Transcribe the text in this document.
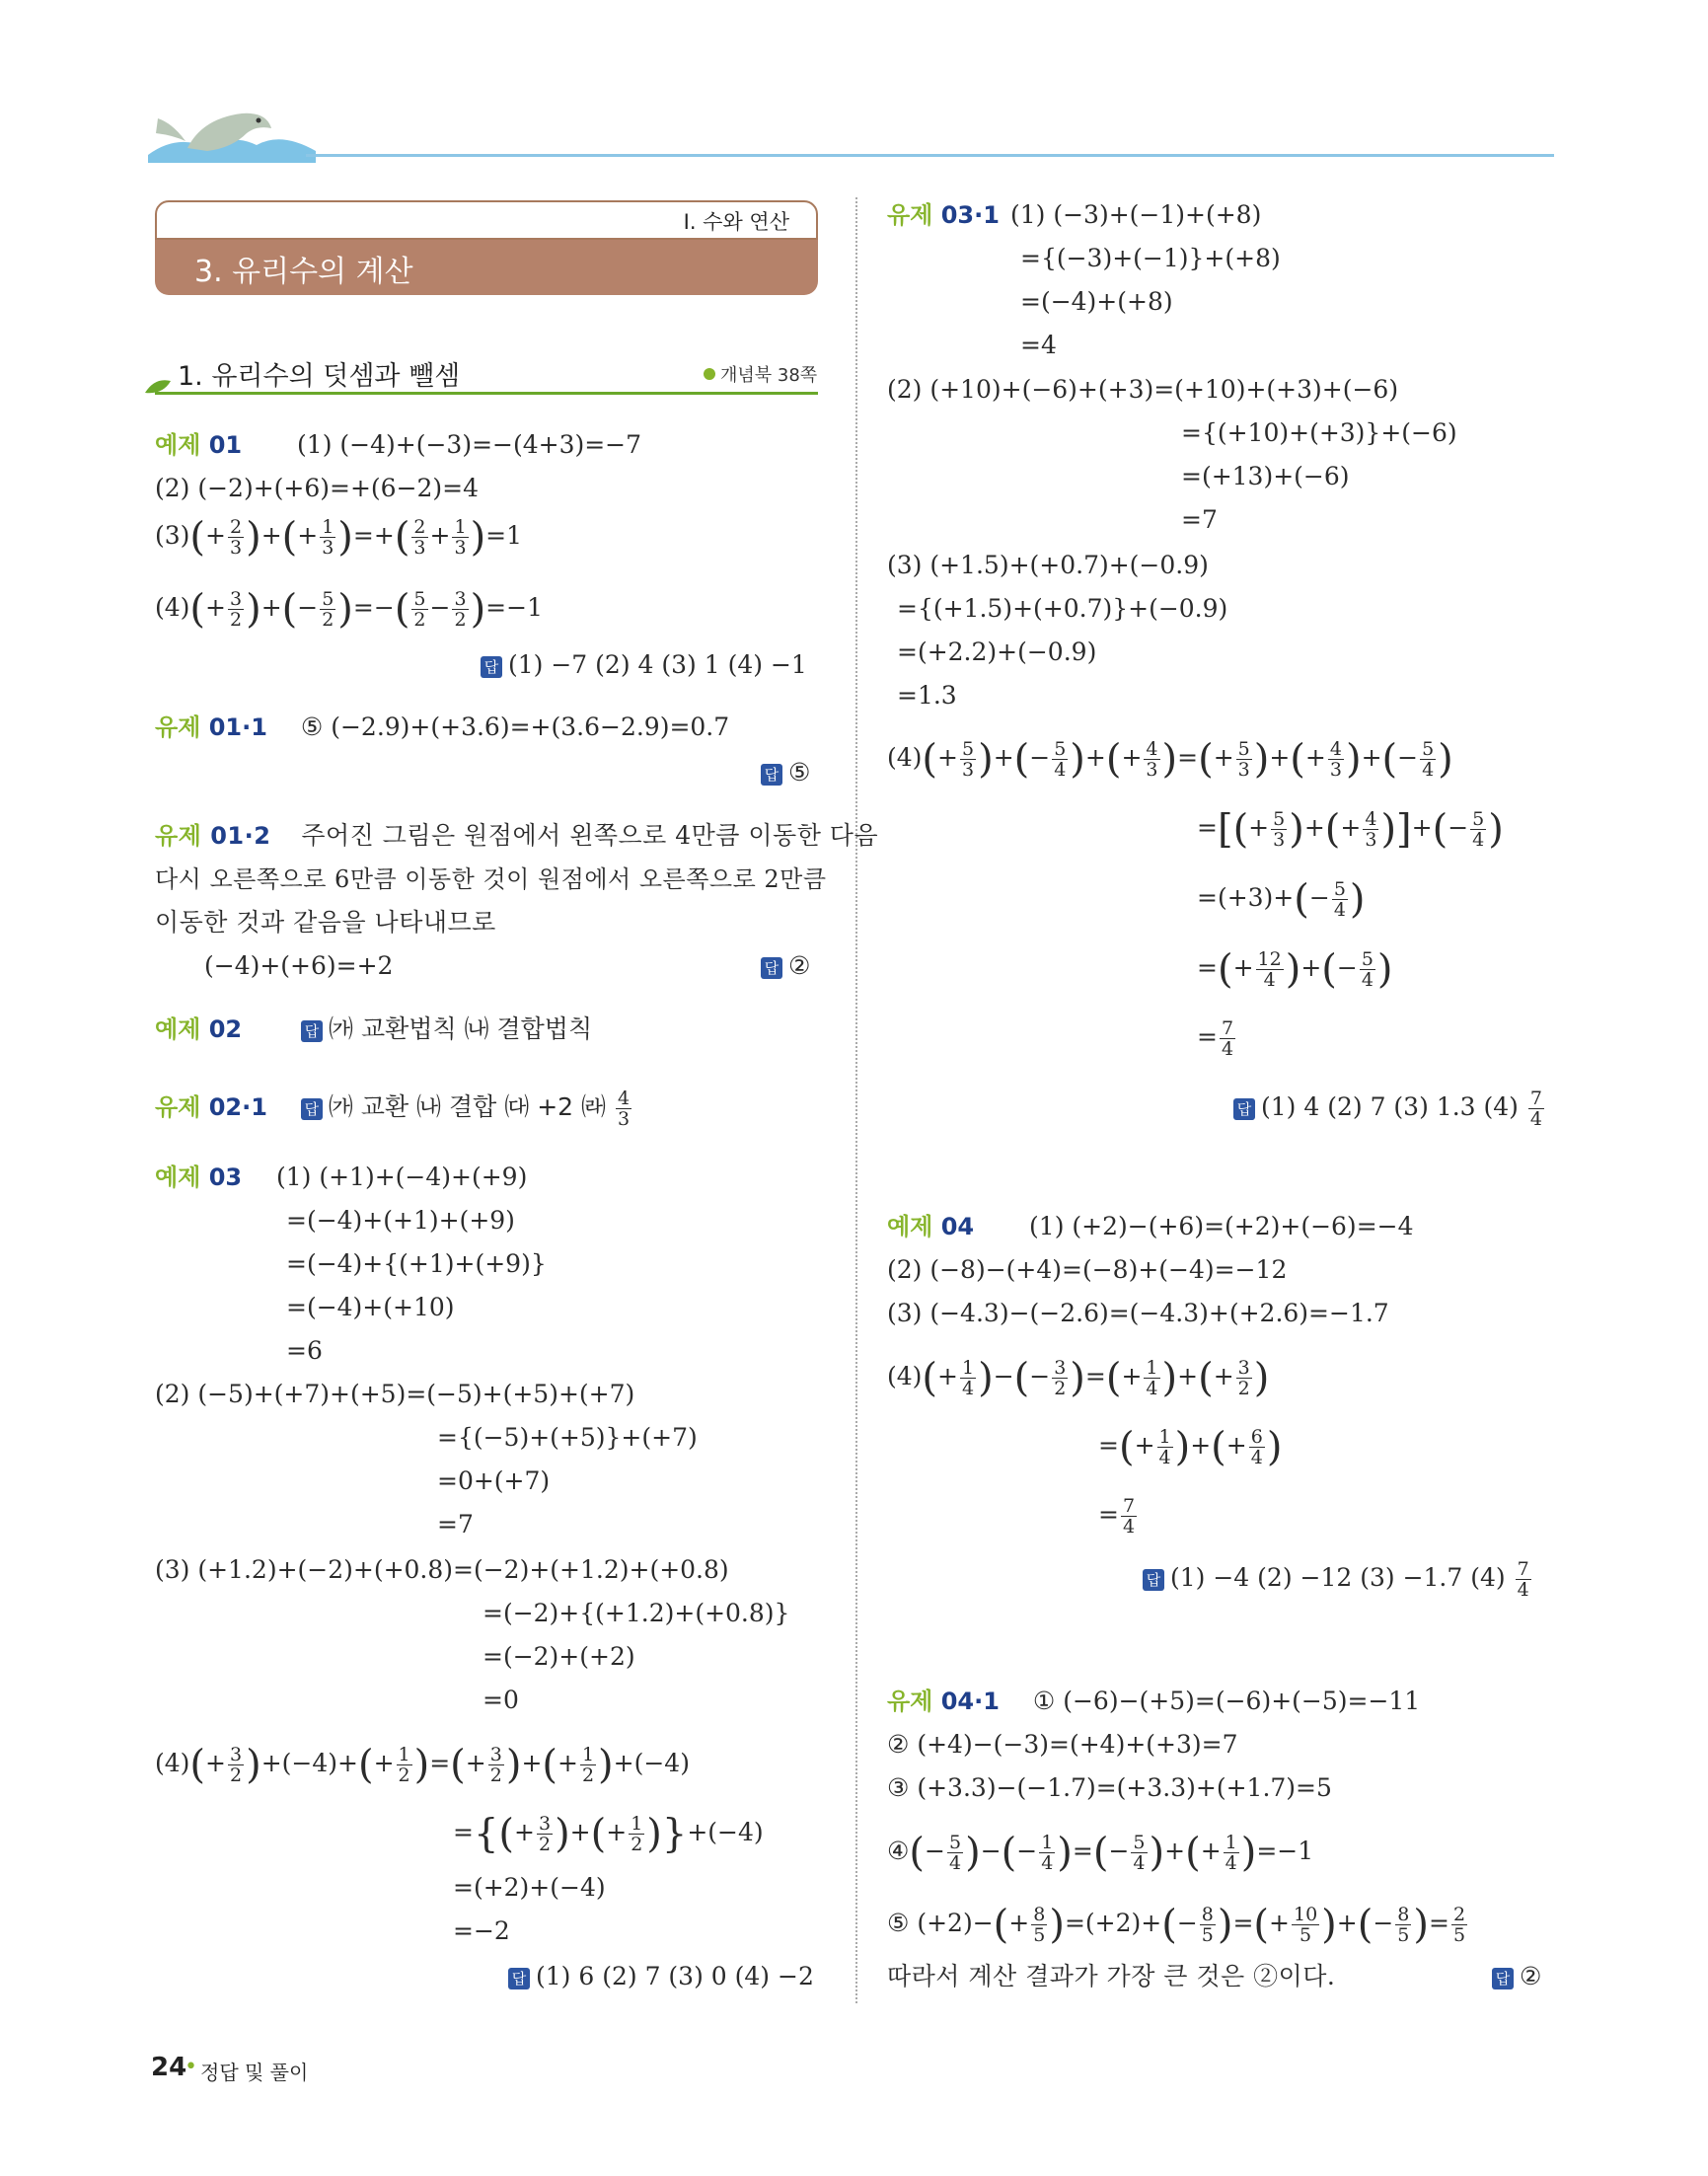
Ⅰ. 수와 연산
3. 유리수의 계산
1. 유리수의 덧셈과 뺄셈	개념북 38쪽
예제 01 (1) (−4)+(−3)=−(4+3)=−7
(2) (−2)+(+6)=+(6−2)=4
$(3)(+ \frac{2}{3}$ )+(+ $\frac{1}{3}$ )=+( $\frac{2}{3} + \frac{1}{3} )=1$
$(4)(+ \frac{3}{2}$ )+(− $\frac{5}{2}$ )=−( $\frac{5}{2} - \frac{3}{2} )=-1$
답 (1) −7 (2) 4 (3) 1 (4) −1
유제 01·1 ⑤ (−2.9)+(+3.6)=+(3.6−2.9)=0.7
답 ⑤
유제 01·2 주어진 그림은 원점에서 왼쪽으로 4만큼 이동한 다음
다시 오른쪽으로 6만큼 이동한 것이 원점에서 오른쪽으로 2만큼
이동한 것과 같음을 나타내므로
(−4)+(+6)=+2	답 ②
예제 02	답 ㈎ 교환법칙 ㈏ 결합법칙
유제 02·1	답 ㈎ 교환 ㈏ 결합 ㈐ +2 ㈑ $\frac{4}{3}$
예제 03 (1) (+1)+(−4)+(+9)
=(−4)+(+1)+(+9)
=(−4)+{(+1)+(+9)}
=(−4)+(+10)
=6
(2) (−5)+(+7)+(+5)=(−5)+(+5)+(+7)
={(−5)+(+5)}+(+7)
=0+(+7)
=7
(3) (+1.2)+(−2)+(+0.8)=(−2)+(+1.2)+(+0.8)
=(−2)+{(+1.2)+(+0.8)}
=(−2)+(+2)
=0
$(4)(+ \frac{3}{2} )+(-4)+(+ \frac{1}{2}$ )=(+ $\frac{3}{2}$ )+(+ $\frac{1}{2} )+(-4)$
={(+ $\frac{3}{2}$ )+(+ $\frac{1}{2} )\}+(-4)$
=(+2)+(−4)
=−2
답 (1) 6 (2) 7 (3) 0 (4) −2
유제 03·1 (1) (−3)+(−1)+(+8)
={(−3)+(−1)}+(+8)
=(−4)+(+8)
=4
(2) (+10)+(−6)+(+3)=(+10)+(+3)+(−6)
={(+10)+(+3)}+(−6)
=(+13)+(−6)
=7
(3) (+1.5)+(+0.7)+(−0.9)
={(+1.5)+(+0.7)}+(−0.9)
=(+2.2)+(−0.9)
=1.3
$(4)(+ \frac{5}{3}$ )+(− $\frac{5}{4}$ )+(+ $\frac{4}{3}$ )=(+ $\frac{5}{3}$ )+(+ $\frac{4}{3}$ )+(− $\frac{5}{4}$ )
=[(+ $\frac{5}{3}$ )+(+ $\frac{4}{3}$ )]+(− $\frac{5}{4}$ )
$=(+3)+(- \frac{5}{4}$ )
=(+ $\frac{12}{4}$ )+(− $\frac{5}{4}$ )
= $\frac{7}{4}$
답 (1) 4 (2) 7 (3) 1.3 $(4) \frac{7}{4}$
예제 04 (1) (+2)−(+6)=(+2)+(−6)=−4
(2) (−8)−(+4)=(−8)+(−4)=−12
(3) (−4.3)−(−2.6)=(−4.3)+(+2.6)=−1.7
$(4)(+ \frac{1}{4}$ )−(− $\frac{3}{2}$ )=(+ $\frac{1}{4}$ )+(+ $\frac{3}{2}$ )
=(+ $\frac{1}{4}$ )+(+ $\frac{6}{4}$ )
= $\frac{7}{4}$
답 (1) −4 (2) −12 (3) −1.7 $(4) \frac{7}{4}$
유제 04·1 ① (−6)−(+5)=(−6)+(−5)=−11
② (+4)−(−3)=(+4)+(+3)=7
③ (+3.3)−(−1.7)=(+3.3)+(+1.7)=5
④(− $\frac{5}{4}$ )−(− $\frac{1}{4}$ )=(− $\frac{5}{4}$ )+(+ $\frac{1}{4} )=-1$
⑤ $(+2)-(+ \frac{8}{5} )=(+2)+(- \frac{8}{5}$ )=(+ $\frac{10}{5}$ )+(− $\frac{8}{5}$ )= $\frac{2}{5}$
따라서 계산 결과가 가장 큰 것은 ②이다.	답 ②
24
• 정답 및 풀이
